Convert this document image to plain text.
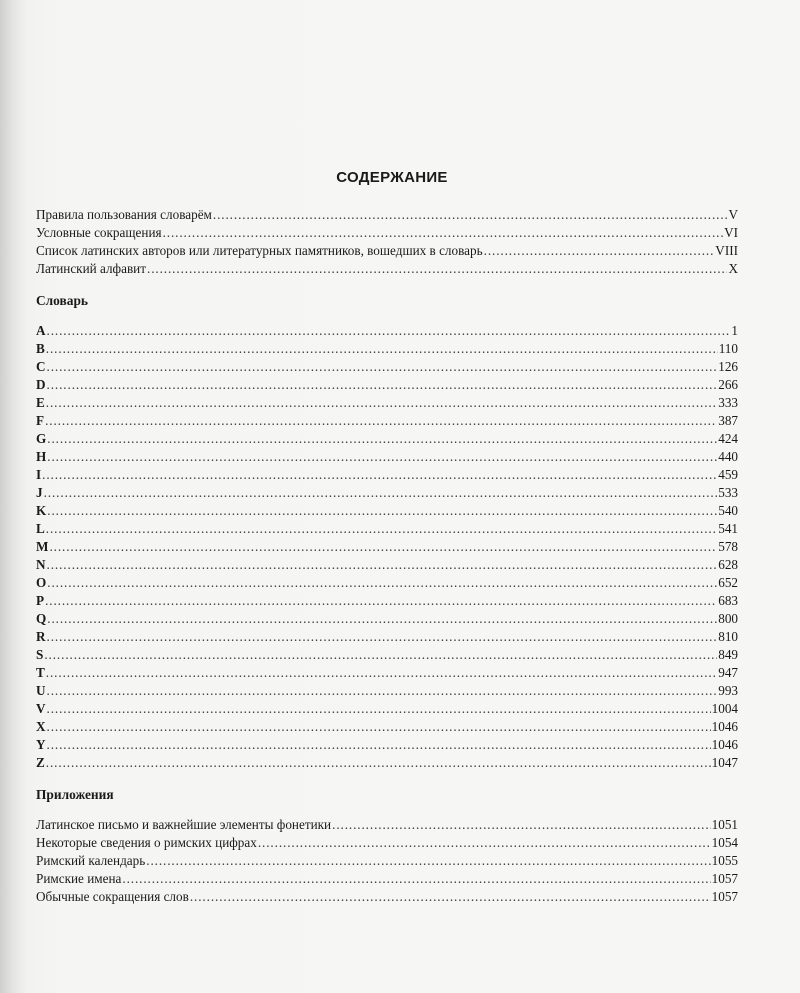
СОДЕРЖАНИЕ
Правила пользования словарём . . .	V
Условные сокращения . . .	VI
Список латинских авторов или литературных памятников, вошедших в словарь . . .	VIII
Латинский алфавит . . .	X
Словарь
A . . .	1
B . . .	110
C . . .	126
D . . .	266
E . . .	333
F . . .	387
G . . .	424
H . . .	440
I . . .	459
J . . .	533
K . . .	540
L . . .	541
M . . .	578
N . . .	628
O . . .	652
P . . .	683
Q . . .	800
R . . .	810
S . . .	849
T . . .	947
U . . .	993
V . . .	1004
X . . .	1046
Y . . .	1046
Z . . .	1047
Приложения
Латинское письмо и важнейшие элементы фонетики . . .	1051
Некоторые сведения о римских цифрах . . .	1054
Римский календарь . . .	1055
Римские имена . . .	1057
Обычные сокращения слов . . .	1057
